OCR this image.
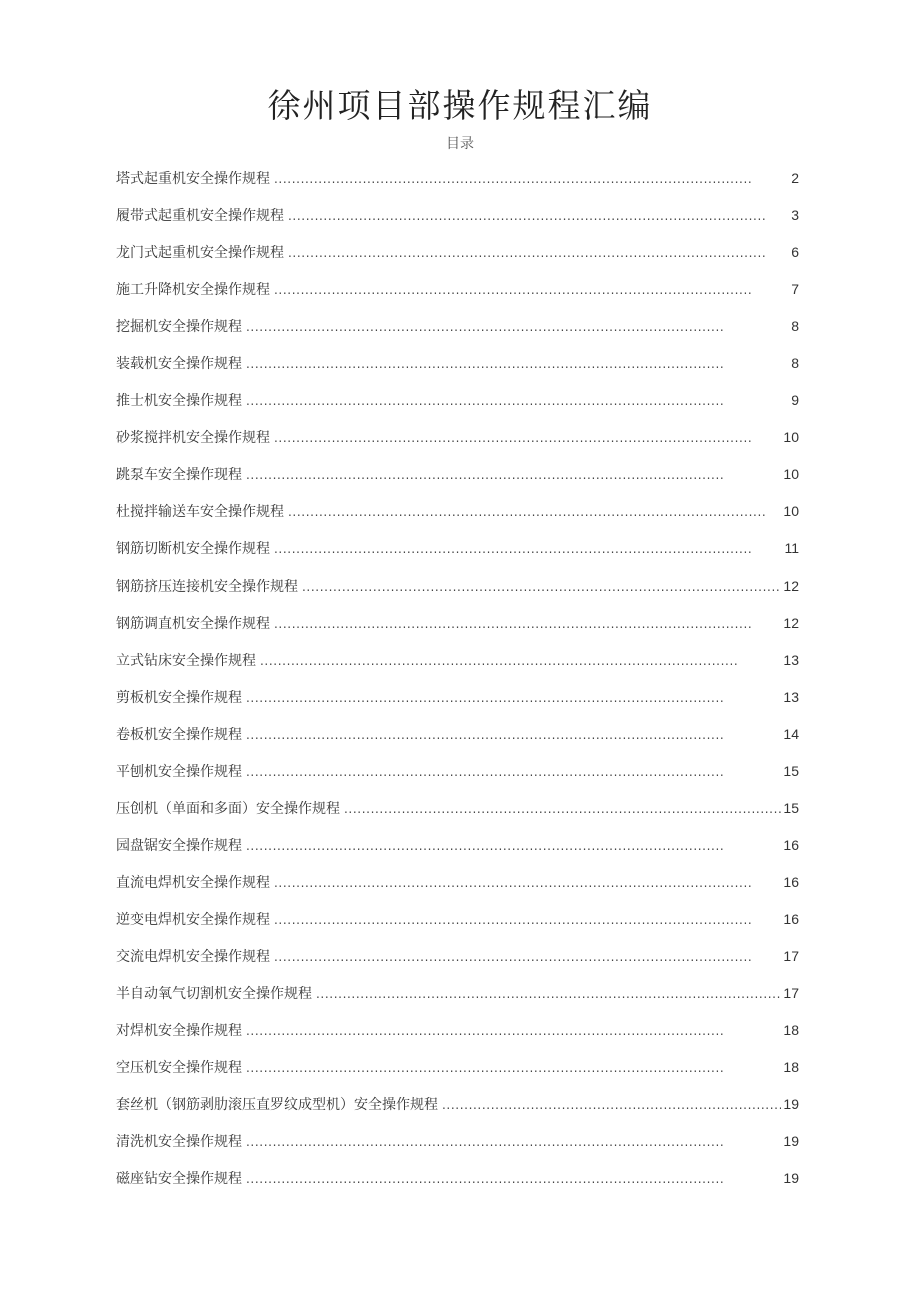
徐州项目部操作规程汇编
目录
塔式起重机安全操作规程 . . .	2
履带式起重机安全操作规程 . . .	3
龙门式起重机安全操作规程 . . .	6
施工升降机安全操作规程 . . .	7
挖掘机安全操作规程 . . .	8
装载机安全操作规程 . . .	8
推士机安全操作规程 . . .	9
砂浆搅拌机安全操作规程 . . .	10
跳泵车安全操作现程 . . .	10
杜搅拌输送车安全操作规程 . . .	10
钢筋切断机安全操作规程 . . .	11
钢筋挤压连接机安全操作规程 . . .	12
钢筋调直机安全操作规程 . . .	12
立式钻床安全操作规程 . . .	13
剪板机安全操作规程 . . .	13
卷板机安全操作规程 . . .	14
平刨机安全操作规程 . . .	15
压创机（单面和多面）安全操作规程 . . .	15
园盘锯安全操作规程 . . .	16
直流电焊机安全操作规程 . . .	16
逆变电焊机安全操作规程 . . .	16
交流电焊机安全操作规程 . . .	17
半自动氧气切割机安全操作规程 . . .	17
对焊机安全操作规程 . . .	18
空压机安全操作规程 . . .	18
套丝机（钢筋剥肋滚压直罗纹成型机）安全操作规程 . . .	19
清洗机安全操作规程 . . .	19
磁座钻安全操作规程 . . .	19
